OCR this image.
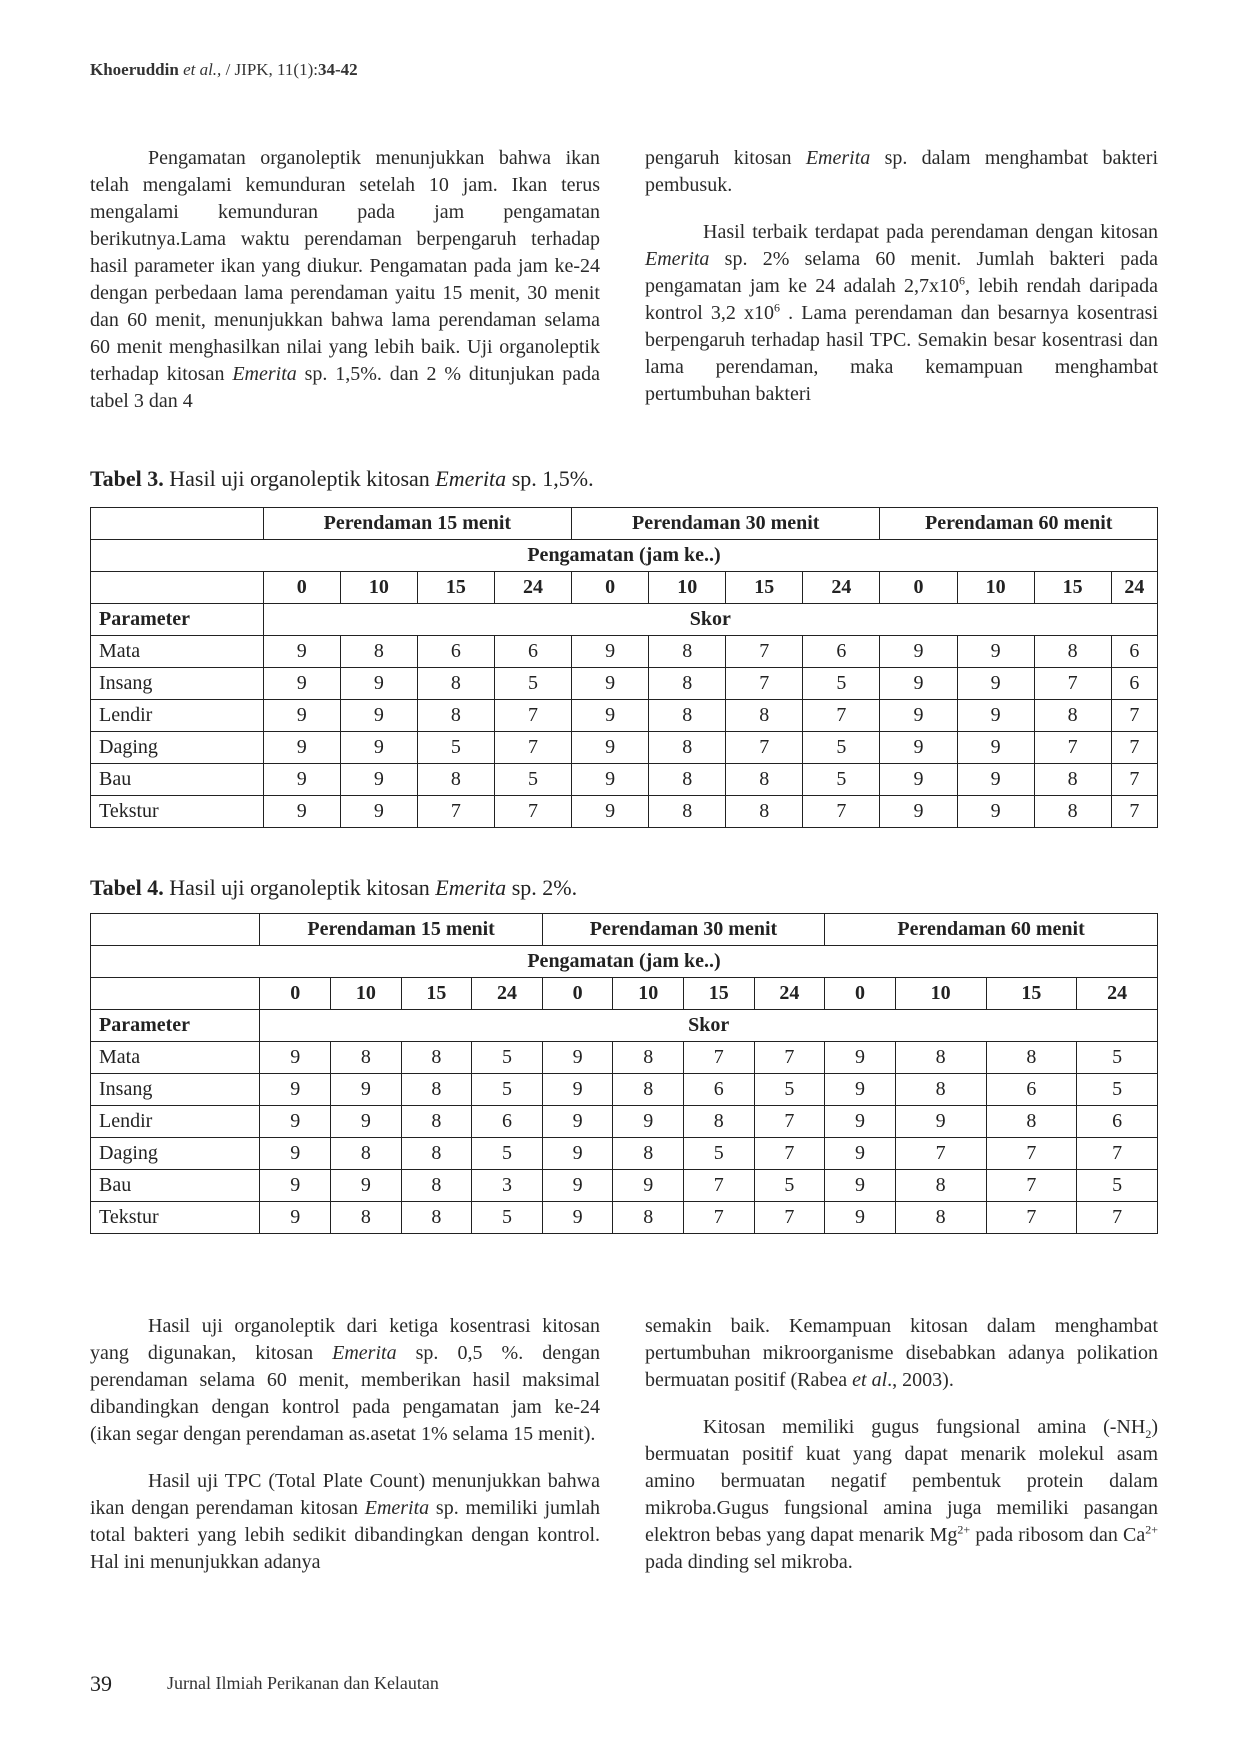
Khoeruddin et al., / JIPK, 11(1):34-42

Pengamatan organoleptik menunjukkan bahwa ikan telah mengalami kemunduran setelah 10 jam. Ikan terus mengalami kemunduran pada jam pengamatan berikutnya.Lama waktu perendaman berpengaruh terhadap hasil parameter ikan yang diukur. Pengamatan pada jam ke-24 dengan perbedaan lama perendaman yaitu 15 menit, 30 menit dan 60 menit, menunjukkan bahwa lama perendaman selama 60 menit menghasilkan nilai yang lebih baik. Uji organoleptik terhadap kitosan Emerita sp. 1,5%. dan 2 % ditunjukan pada tabel 3 dan 4

pengaruh kitosan Emerita sp. dalam menghambat bakteri pembusuk.

Hasil terbaik terdapat pada perendaman dengan kitosan Emerita sp. 2% selama 60 menit. Jumlah bakteri pada pengamatan jam ke 24 adalah $2,7x10^6$, lebih rendah daripada kontrol 3,2 $x10^6$ . Lama perendaman dan besarnya kosentrasi berpengaruh terhadap hasil TPC. Semakin besar kosentrasi dan lama perendaman, maka kemampuan menghambat pertumbuhan bakteri

Tabel 3. Hasil uji organoleptik kitosan Emerita sp. 1,5%.
	Perendaman 15 menit				Perendaman 30 menit				Perendaman 60 menit			
Pengamatan (jam ke..)												
	0	10	15	24	0	10	15	24	0	10	15	24
Parameter	Skor											
Mata	9	8	6	6	9	8	7	6	9	9	8	6
Insang	9	9	8	5	9	8	7	5	9	9	7	6
Lendir	9	9	8	7	9	8	8	7	9	9	8	7
Daging	9	9	5	7	9	8	7	5	9	9	7	7
Bau	9	9	8	5	9	8	8	5	9	9	8	7
Tekstur	9	9	7	7	9	8	8	7	9	9	8	7
Tabel 4. Hasil uji organoleptik kitosan Emerita sp. 2%.
	Perendaman 15 menit				Perendaman 30 menit				Perendaman 60 menit			
Pengamatan (jam ke..)												
	0	10	15	24	0	10	15	24	0	10	15	24
Parameter	Skor											
Mata	9	8	8	5	9	8	7	7	9	8	8	5
Insang	9	9	8	5	9	8	6	5	9	8	6	5
Lendir	9	9	8	6	9	9	8	7	9	9	8	6
Daging	9	8	8	5	9	8	5	7	9	7	7	7
Bau	9	9	8	3	9	9	7	5	9	8	7	5
Tekstur	9	8	8	5	9	8	7	7	9	8	7	7

Hasil uji organoleptik dari ketiga kosentrasi kitosan yang digunakan, kitosan Emerita sp. 0,5 %. dengan perendaman selama 60 menit, memberikan hasil maksimal dibandingkan dengan kontrol pada pengamatan jam ke-24 (ikan segar dengan perendaman as.asetat 1% selama 15 menit).

Hasil uji TPC (Total Plate Count) menunjukkan bahwa ikan dengan perendaman kitosan Emerita sp. memiliki jumlah total bakteri yang lebih sedikit dibandingkan dengan kontrol. Hal ini menunjukkan adanya

semakin baik. Kemampuan kitosan dalam menghambat pertumbuhan mikroorganisme disebabkan adanya polikation bermuatan positif (Rabea et al., 2003).

Kitosan memiliki gugus fungsional amina $(-NH_2)$ bermuatan positif kuat yang dapat menarik molekul asam amino bermuatan negatif pembentuk protein dalam mikroba.Gugus fungsional amina juga memiliki pasangan elektron bebas yang dapat menarik $Mg^{2+}$ pada ribosom dan $Ca^{2+}$ pada dinding sel mikroba.

39	Jurnal Ilmiah Perikanan dan Kelautan
